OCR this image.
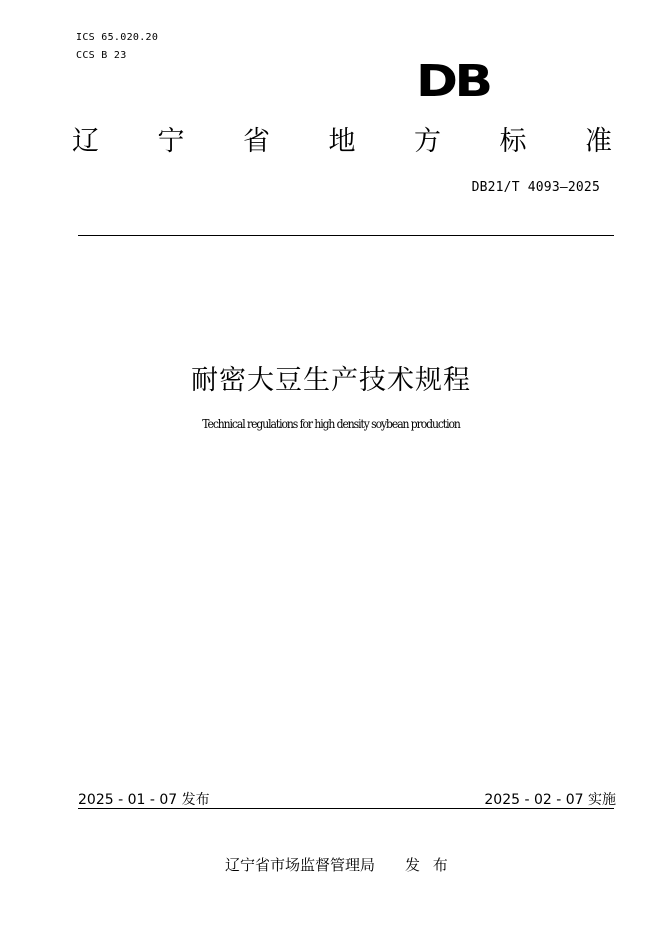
ICS 65.020.20
CCS B 23
DB
辽 宁 省 地 方 标 准
DB21/T 4093—2025
耐密大豆生产技术规程
Technical regulations for high density soybean production
2025 - 01 - 07 发布	2025 - 02 - 07 实施
辽宁省市场监督管理局 发 布
